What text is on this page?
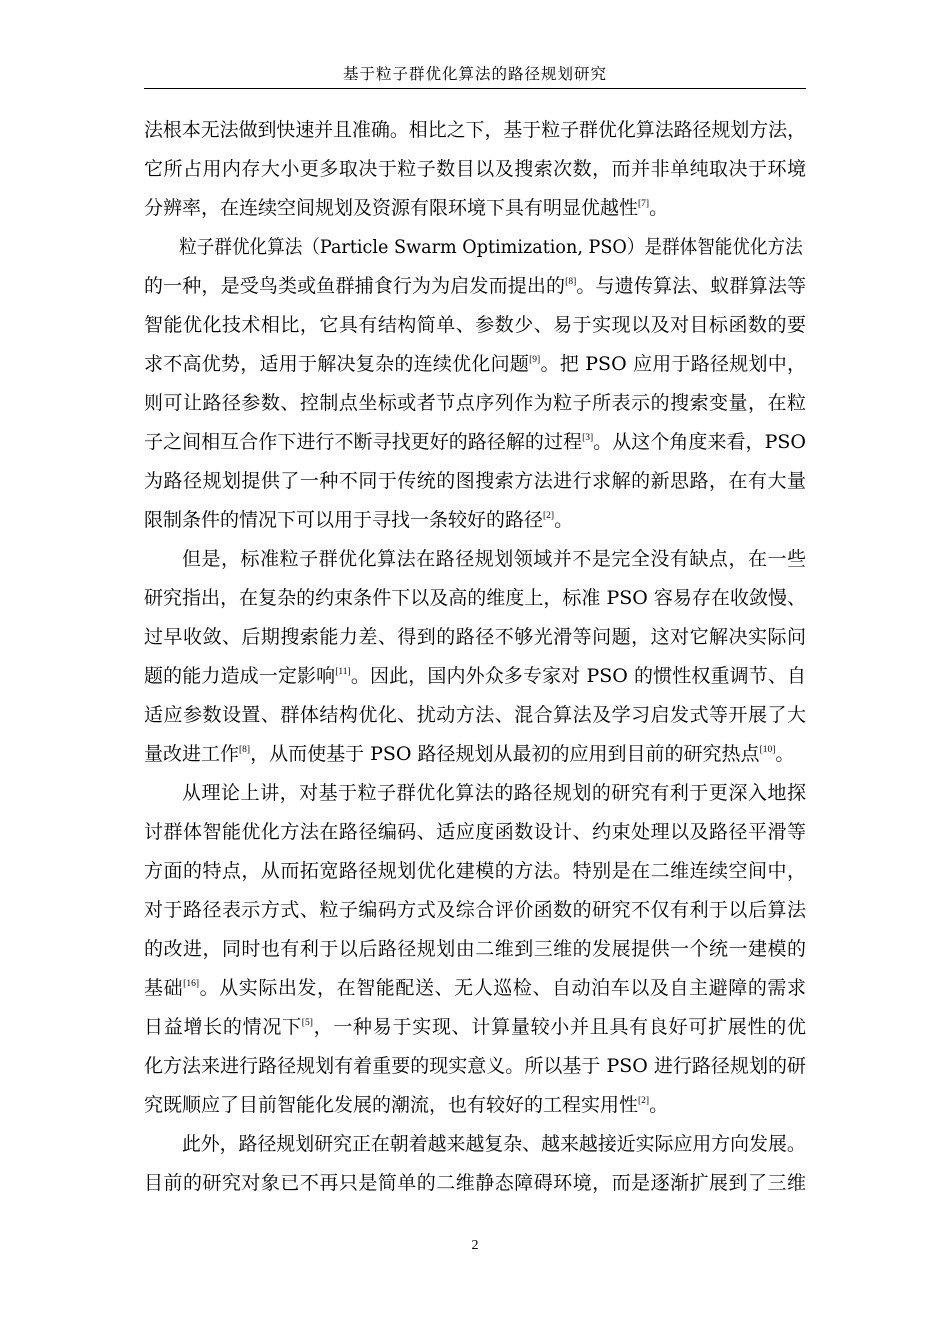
基于粒子群优化算法的路径规划研究

法根本无法做到快速并且准确。相比之下，基于粒子群优化算法路径规划方法，
它所占用内存大小更多取决于粒子数目以及搜索次数，而并非单纯取决于环境
分辨率，在连续空间规划及资源有限环境下具有明显优越性[7]。

粒子群优化算法（Particle Swarm Optimization, PSO）是群体智能优化方法
的一种，是受鸟类或鱼群捕食行为为启发而提出的[8]。与遗传算法、蚁群算法等
智能优化技术相比，它具有结构简单、参数少、易于实现以及对目标函数的要
求不高优势，适用于解决复杂的连续优化问题[9]。把 PSO 应用于路径规划中，
则可让路径参数、控制点坐标或者节点序列作为粒子所表示的搜索变量，在粒
子之间相互合作下进行不断寻找更好的路径解的过程[3]。从这个角度来看，PSO
为路径规划提供了一种不同于传统的图搜索方法进行求解的新思路，在有大量
限制条件的情况下可以用于寻找一条较好的路径[2]。

但是，标准粒子群优化算法在路径规划领域并不是完全没有缺点，在一些
研究指出，在复杂的约束条件下以及高的维度上，标准 PSO 容易存在收敛慢、
过早收敛、后期搜索能力差、得到的路径不够光滑等问题，这对它解决实际问
题的能力造成一定影响[11]。因此，国内外众多专家对 PSO 的惯性权重调节、自
适应参数设置、群体结构优化、扰动方法、混合算法及学习启发式等开展了大
量改进工作[8]，从而使基于 PSO 路径规划从最初的应用到目前的研究热点[10]。

从理论上讲，对基于粒子群优化算法的路径规划的研究有利于更深入地探
讨群体智能优化方法在路径编码、适应度函数设计、约束处理以及路径平滑等
方面的特点，从而拓宽路径规划优化建模的方法。特别是在二维连续空间中，
对于路径表示方式、粒子编码方式及综合评价函数的研究不仅有利于以后算法
的改进，同时也有利于以后路径规划由二维到三维的发展提供一个统一建模的
基础[16]。从实际出发，在智能配送、无人巡检、自动泊车以及自主避障的需求
日益增长的情况下[5]，一种易于实现、计算量较小并且具有良好可扩展性的优
化方法来进行路径规划有着重要的现实意义。所以基于 PSO 进行路径规划的研
究既顺应了目前智能化发展的潮流，也有较好的工程实用性[2]。

此外，路径规划研究正在朝着越来越复杂、越来越接近实际应用方向发展。
目前的研究对象已不再只是简单的二维静态障碍环境，而是逐渐扩展到了三维

2
